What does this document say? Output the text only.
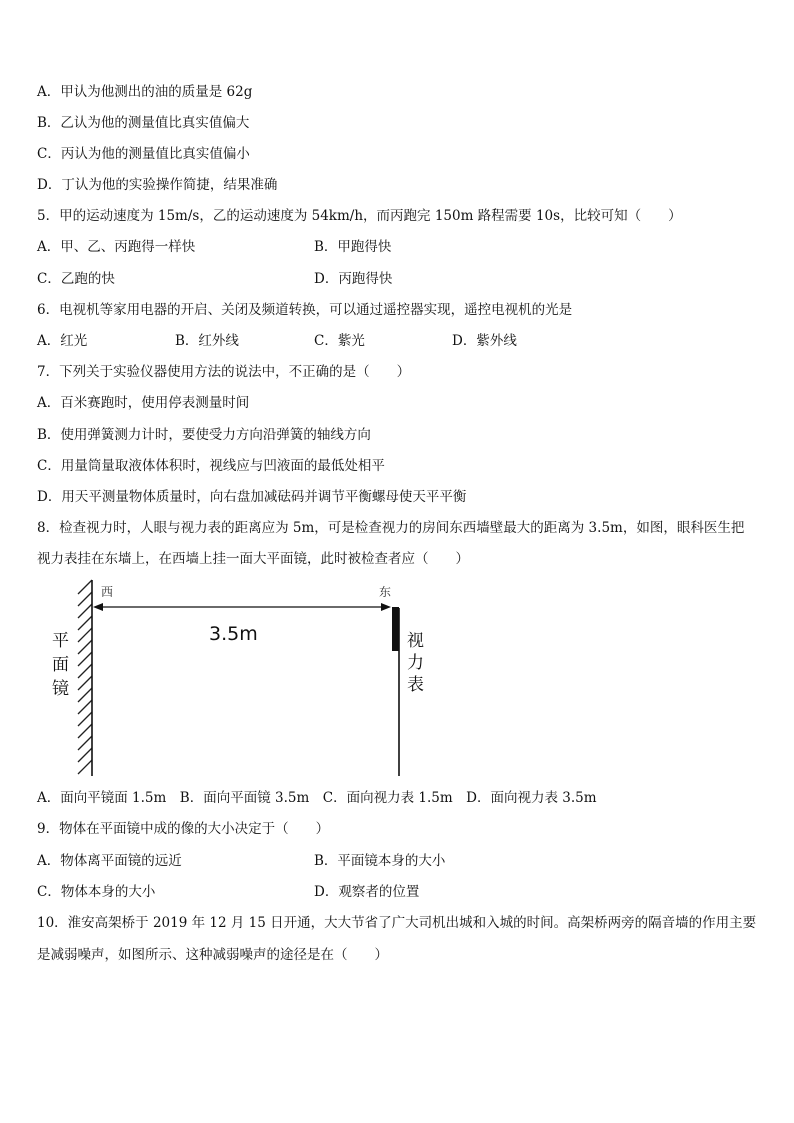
A．甲认为他测出的油的质量是 62g
B．乙认为他的测量值比真实值偏大
C．丙认为他的测量值比真实值偏小
D．丁认为他的实验操作简捷，结果准确
5．甲的运动速度为 15m/s，乙的运动速度为 54km/h，而丙跑完 150m 路程需要 10s，比较可知（　　）
A．甲、乙、丙跑得一样快	B．甲跑得快
C．乙跑的快	D．丙跑得快
6．电视机等家用电器的开启、关闭及频道转换，可以通过遥控器实现，遥控电视机的光是
A．红光	B．红外线	C．紫光	D．紫外线
7．下列关于实验仪器使用方法的说法中，不正确的是（　　）
A．百米赛跑时，使用停表测量时间
B．使用弹簧测力计时，要使受力方向沿弹簧的轴线方向
C．用量筒量取液体体积时，视线应与凹液面的最低处相平
D．用天平测量物体质量时，向右盘加减砝码并调节平衡螺母使天平平衡
8．检查视力时，人眼与视力表的距离应为 5m，可是检查视力的房间东西墙壁最大的距离为 3.5m，如图，眼科医生把
视力表挂在东墙上，在西墙上挂一面大平面镜，此时被检查者应（　　）
西	东
3.5m
平
面
镜
视
力
表
A．面向平镜面 1.5m　B．面向平面镜 3.5m　C．面向视力表 1.5m　D．面向视力表 3.5m
9．物体在平面镜中成的像的大小决定于（　　）
A．物体离平面镜的远近	B．平面镜本身的大小
C．物体本身的大小	D．观察者的位置
10．淮安高架桥于 2019 年 12 月 15 日开通，大大节省了广大司机出城和入城的时间。高架桥两旁的隔音墙的作用主要
是减弱噪声，如图所示、这种减弱噪声的途径是在（　　）
